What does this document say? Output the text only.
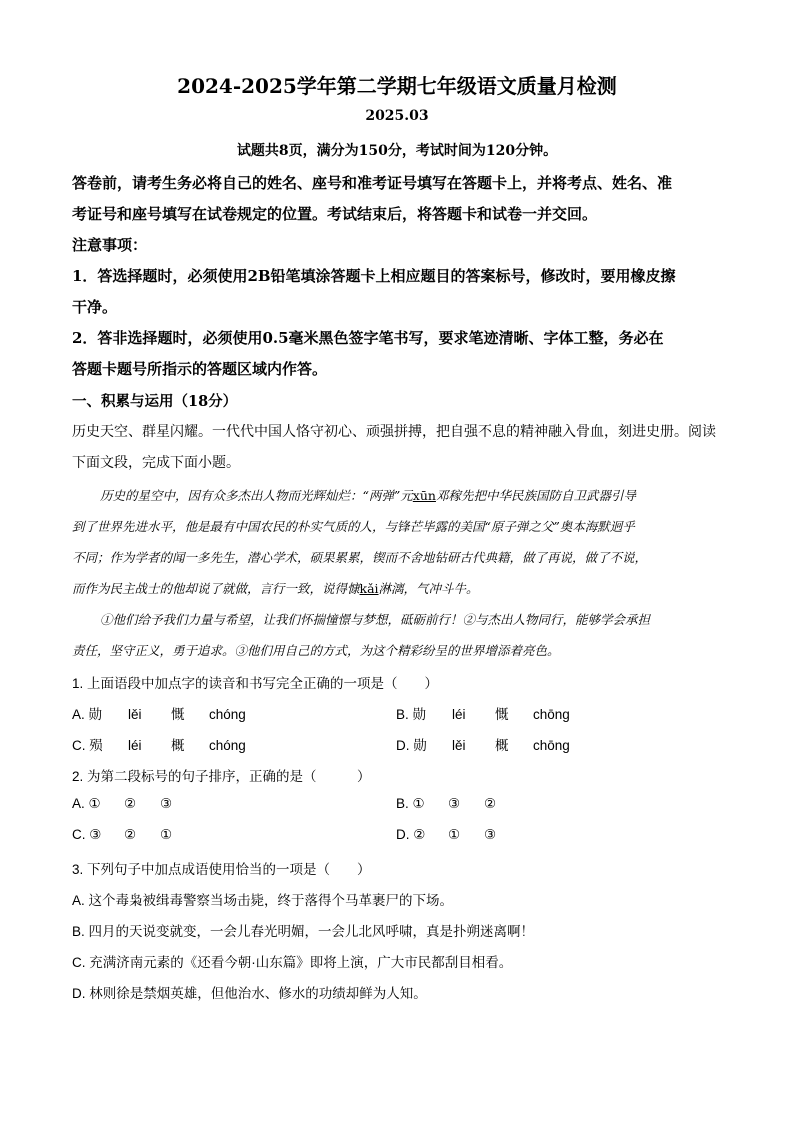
2024-2025学年第二学期七年级语文质量月检测
2025.03
试题共8页，满分为150分，考试时间为120分钟。
答卷前，请考生务必将自己的姓名、座号和准考证号填写在答题卡上，并将考点、姓名、准
考证号和座号填写在试卷规定的位置。考试结束后，将答题卡和试卷一并交回。
注意事项：
1．答选择题时，必须使用2B铅笔填涂答题卡上相应题目的答案标号，修改时，要用橡皮擦
干净。
2．答非选择题时，必须使用0.5毫米黑色签字笔书写，要求笔迹清晰、字体工整，务必在
答题卡题号所指示的答题区域内作答。
一、积累与运用（18分）
历史天空、群星闪耀。一代代中国人恪守初心、顽强拼搏，把自强不息的精神融入骨血，刻进史册。阅读
下面文段，完成下面小题。
历史的星空中，因有众多杰出人物而光辉灿烂：“两弹”元xūn邓稼先把中华民族国防自卫武器引导
到了世界先进水平，他是最有中国农民的朴实气质的人，与锋芒毕露的美国“原子弹之父”奥本海默迥乎
不同；作为学者的闻一多先生，潜心学术，硕果累累，锲而不舍地钻研古代典籍，做了再说，做了不说，
而作为民主战士的他却说了就做，言行一致，说得慷kǎi淋漓，气冲斗牛。
①他们给予我们力量与希望，让我们怀揣憧憬与梦想，砥砺前行！②与杰出人物同行，能够学会承担
责任，坚守正义，勇于追求。③他们用自己的方式，为这个精彩纷呈的世界增添着亮色。
1. 上面语段中加点字的读音和书写完全正确的一项是（　　）
A. 勋 lěi 慨 chóng	B. 勋 léi 慨 chōng
C. 殒 léi 概 chóng	D. 勋 lěi 概 chōng
2. 为第二段标号的句子排序，正确的是（　　　）
A. ① ② ③	B. ① ③ ②
C. ③ ② ①	D. ② ① ③
3. 下列句子中加点成语使用恰当的一项是（　　）
A. 这个毒枭被缉毒警察当场击毙，终于落得个马革裹尸的下场。
B. 四月的天说变就变，一会儿春光明媚，一会儿北风呼啸，真是扑朔迷离啊！
C. 充满济南元素的《还看今朝·山东篇》即将上演，广大市民都刮目相看。
D. 林则徐是禁烟英雄，但他治水、修水的功绩却鲜为人知。
